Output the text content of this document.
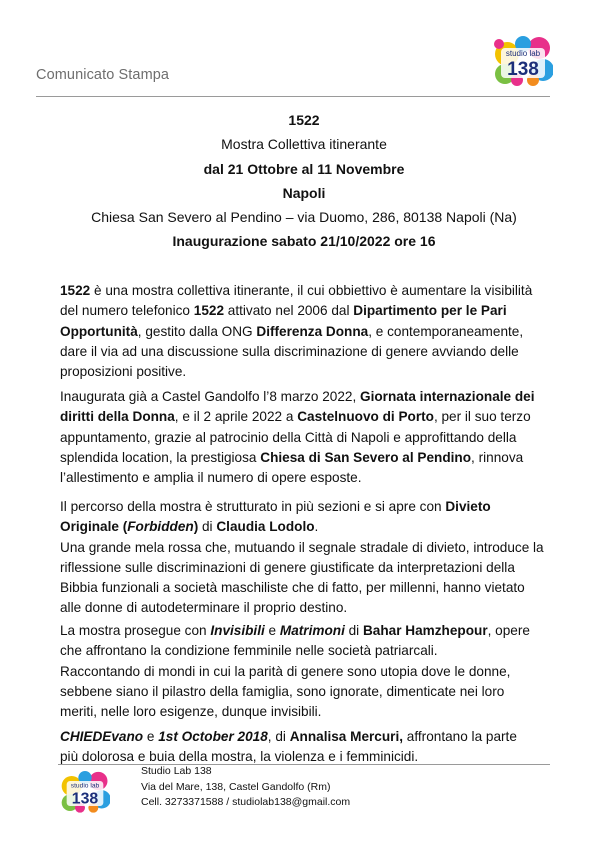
Comunicato Stampa
studio lab
138
1522
Mostra Collettiva itinerante
dal 21 Ottobre al 11 Novembre
Napoli
Chiesa San Severo al Pendino – via Duomo, 286, 80138 Napoli (Na)
Inaugurazione sabato 21/10/2022 ore 16
1522 è una mostra collettiva itinerante, il cui obbiettivo è aumentare la visibilità
del numero telefonico 1522 attivato nel 2006 dal Dipartimento per le Pari
Opportunità, gestito dalla ONG Differenza Donna, e contemporaneamente,
dare il via ad una discussione sulla discriminazione di genere avviando delle
proposizioni positive.
Inaugurata già a Castel Gandolfo l’8 marzo 2022, Giornata internazionale dei
diritti della Donna, e il 2 aprile 2022 a Castelnuovo di Porto, per il suo terzo
appuntamento, grazie al patrocinio della Città di Napoli e approfittando della
splendida location, la prestigiosa Chiesa di San Severo al Pendino, rinnova
l’allestimento e amplia il numero di opere esposte.
Il percorso della mostra è strutturato in più sezioni e si apre con Divieto
Originale (Forbidden) di Claudia Lodolo.
Una grande mela rossa che, mutuando il segnale stradale di divieto, introduce la
riflessione sulle discriminazioni di genere giustificate da interpretazioni della
Bibbia funzionali a società maschiliste che di fatto, per millenni, hanno vietato
alle donne di autodeterminare il proprio destino.
La mostra prosegue con Invisibili e Matrimoni di Bahar Hamzhepour, opere
che affrontano la condizione femminile nelle società patriarcali.
Raccontando di mondi in cui la parità di genere sono utopia dove le donne,
sebbene siano il pilastro della famiglia, sono ignorate, dimenticate nei loro
meriti, nelle loro esigenze, dunque invisibili.
CHIEDEvano e 1st October 2018, di Annalisa Mercuri, affrontano la parte
più dolorosa e buia della mostra, la violenza e i femminicidi.
studio lab
138
Studio Lab 138
Via del Mare, 138, Castel Gandolfo (Rm)
Cell. 3273371588 / studiolab138@gmail.com
